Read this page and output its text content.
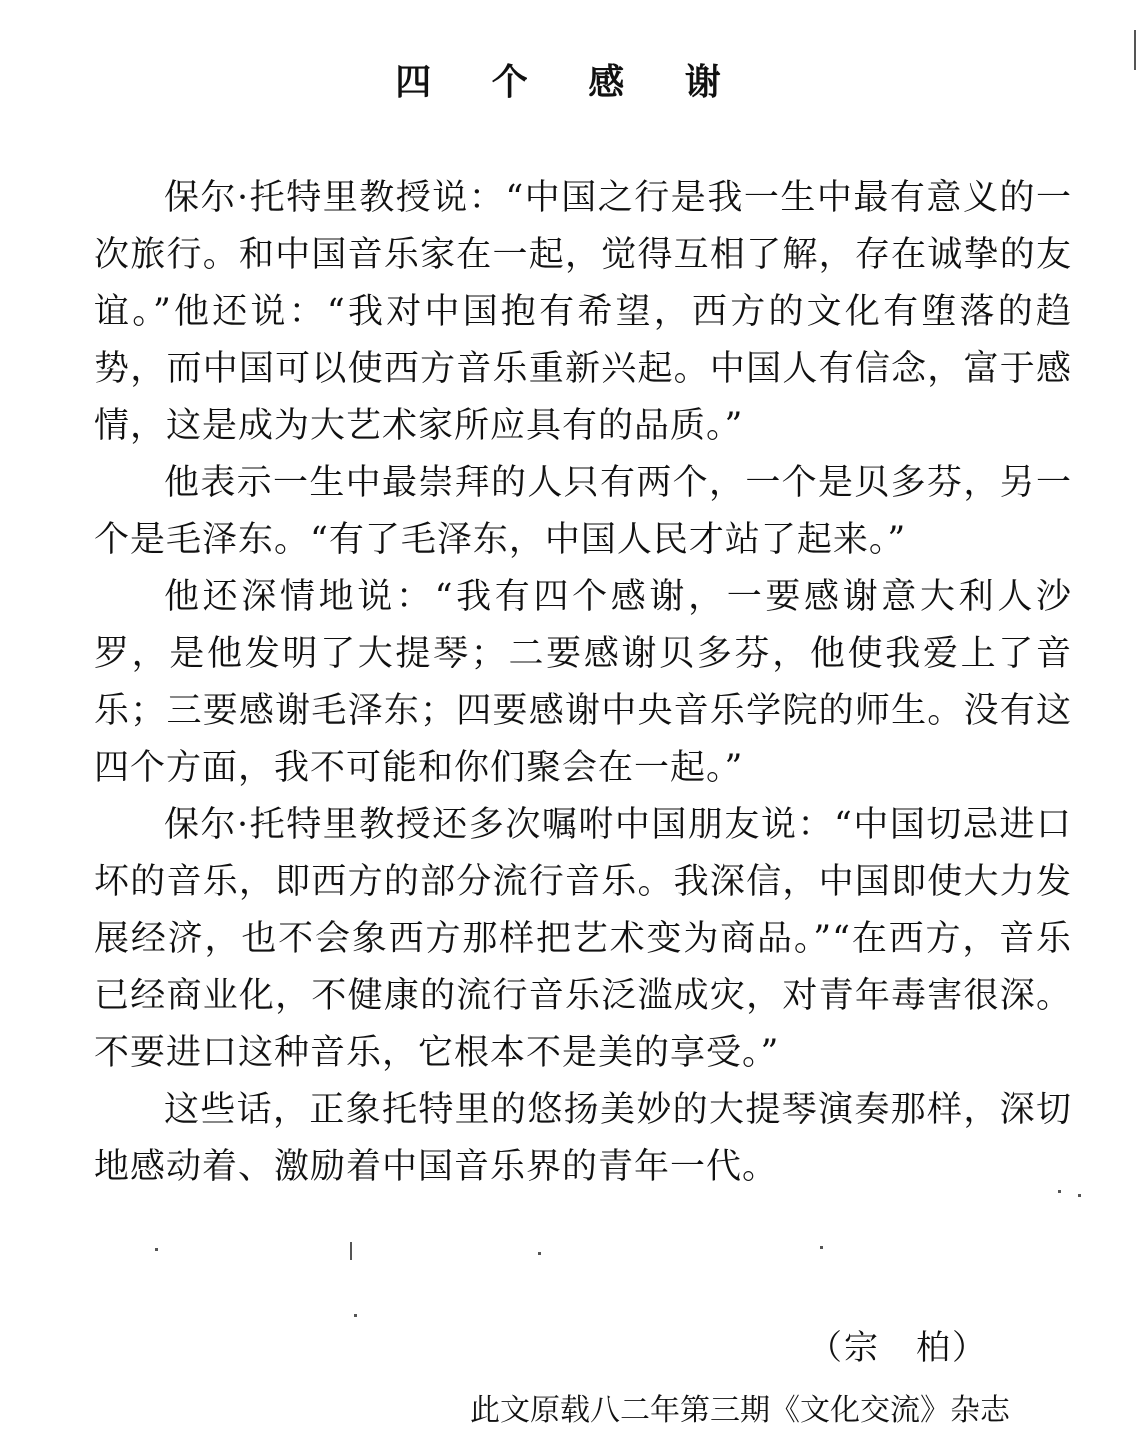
四 个 感 谢

保尔·托特里教授说：“中国之行是我一生中最有意义的一次旅行。和中国音乐家在一起，觉得互相了解，存在诚挚的友谊。”他还说：“我对中国抱有希望，西方的文化有堕落的趋势，而中国可以使西方音乐重新兴起。中国人有信念，富于感情，这是成为大艺术家所应具有的品质。”

他表示一生中最崇拜的人只有两个，一个是贝多芬，另一个是毛泽东。“有了毛泽东，中国人民才站了起来。”

他还深情地说：“我有四个感谢，一要感谢意大利人沙罗，是他发明了大提琴；二要感谢贝多芬，他使我爱上了音乐；三要感谢毛泽东；四要感谢中央音乐学院的师生。没有这四个方面，我不可能和你们聚会在一起。”

保尔·托特里教授还多次嘱咐中国朋友说：“中国切忌进口坏的音乐，即西方的部分流行音乐。我深信，中国即使大力发展经济，也不会象西方那样把艺术变为商品。”“在西方，音乐已经商业化，不健康的流行音乐泛滥成灾，对青年毒害很深。不要进口这种音乐，它根本不是美的享受。”

这些话，正象托特里的悠扬美妙的大提琴演奏那样，深切地感动着、激励着中国音乐界的青年一代。

（宗　柏）
此文原载八二年第三期《文化交流》杂志
